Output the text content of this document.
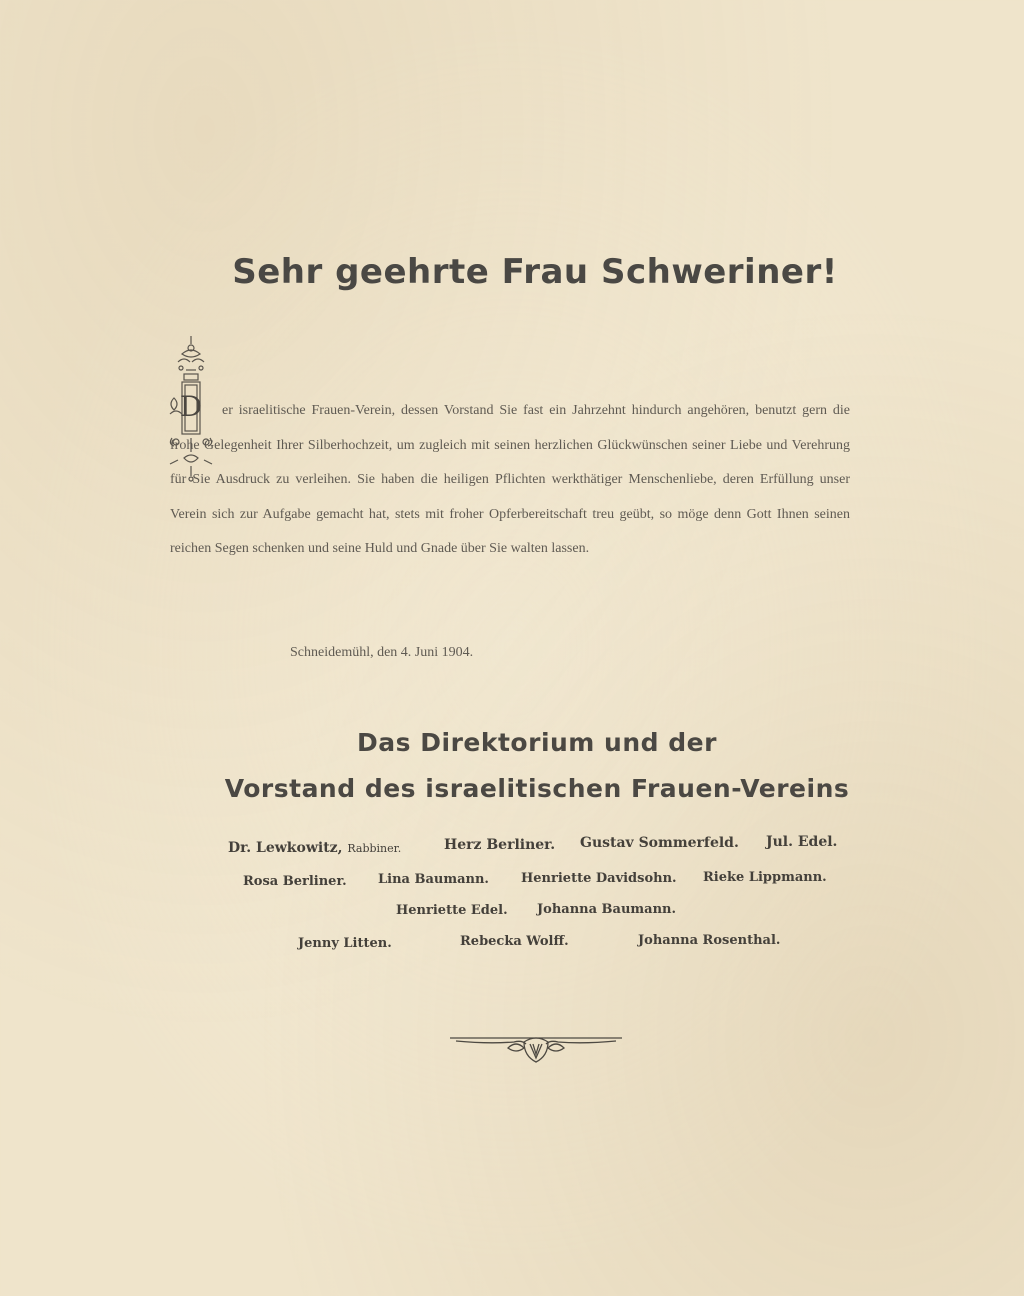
Sehr geehrte Frau Schweriner!
D	er israelitische Frauen-Verein, dessen Vorstand Sie fast ein Jahrzehnt hindurch angehören, benutzt gern die frohe Gelegenheit Ihrer Silberhochzeit, um zugleich mit seinen herzlichen Glückwünschen seiner Liebe und Verehrung für Sie Ausdruck zu verleihen. Sie haben die heiligen Pflichten werkthätiger Menschenliebe, deren Erfüllung unser Verein sich zur Aufgabe gemacht hat, stets mit froher Opferbereitschaft treu geübt, so möge denn Gott Ihnen seinen reichen Segen schenken und seine Huld und Gnade über Sie walten lassen.

Schneidemühl, den 4. Juni 1904.

Das Direktorium und der
Vorstand des israelitischen Frauen-Vereins

Dr. Lewkowitz, Rabbiner.	Herz Berliner. Gustav Sommerfeld. Jul. Edel.

Rosa Berliner. Lina Baumann. Henriette Davidsohn. Rieke Lippmann.

Henriette Edel. Johanna Baumann.

Jenny Litten.	Rebecka Wolff.	Johanna Rosenthal.
